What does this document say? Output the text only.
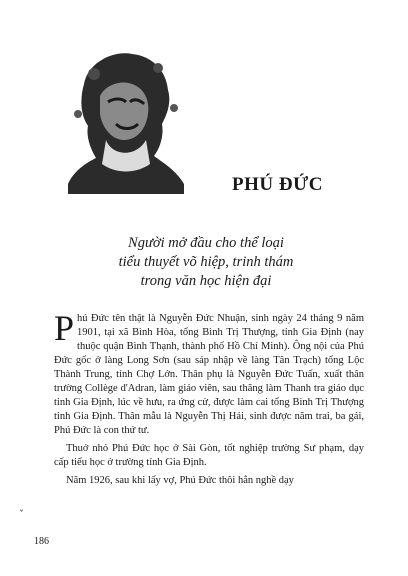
PHÚ ĐỨC
Người mở đầu cho thể loại
tiểu thuyết võ hiệp, trinh thám
trong văn học hiện đại

Phú Đức tên thật là Nguyễn Đức Nhuận, sinh ngày 24 tháng 9 năm 1901, tại xã Bình Hòa, tổng Bình Trị Thượng, tỉnh Gia Định (nay thuộc quận Bình Thạnh, thành phố Hồ Chí Minh). Ông nội của Phú Đức gốc ở làng Long Sơn (sau sáp nhập về làng Tân Trạch) tổng Lộc Thành Trung, tỉnh Chợ Lớn. Thân phụ là Nguyễn Đức Tuấn, xuất thân trường Collège d'Adran, làm giáo viên, sau thăng làm Thanh tra giáo dục tỉnh Gia Định, lúc về hưu, ra ứng cử, được làm cai tổng Bình Trị Thượng tỉnh Gia Định. Thân mẫu là Nguyễn Thị Hải, sinh được năm trai, ba gái, Phú Đức là con thứ tư.

Thuở nhỏ Phú Đức học ở Sài Gòn, tốt nghiệp trường Sư phạm, dạy cấp tiểu học ở trường tỉnh Gia Định.

Năm 1926, sau khi lấy vợ, Phú Đức thôi hẳn nghề dạy

ˇ
186
